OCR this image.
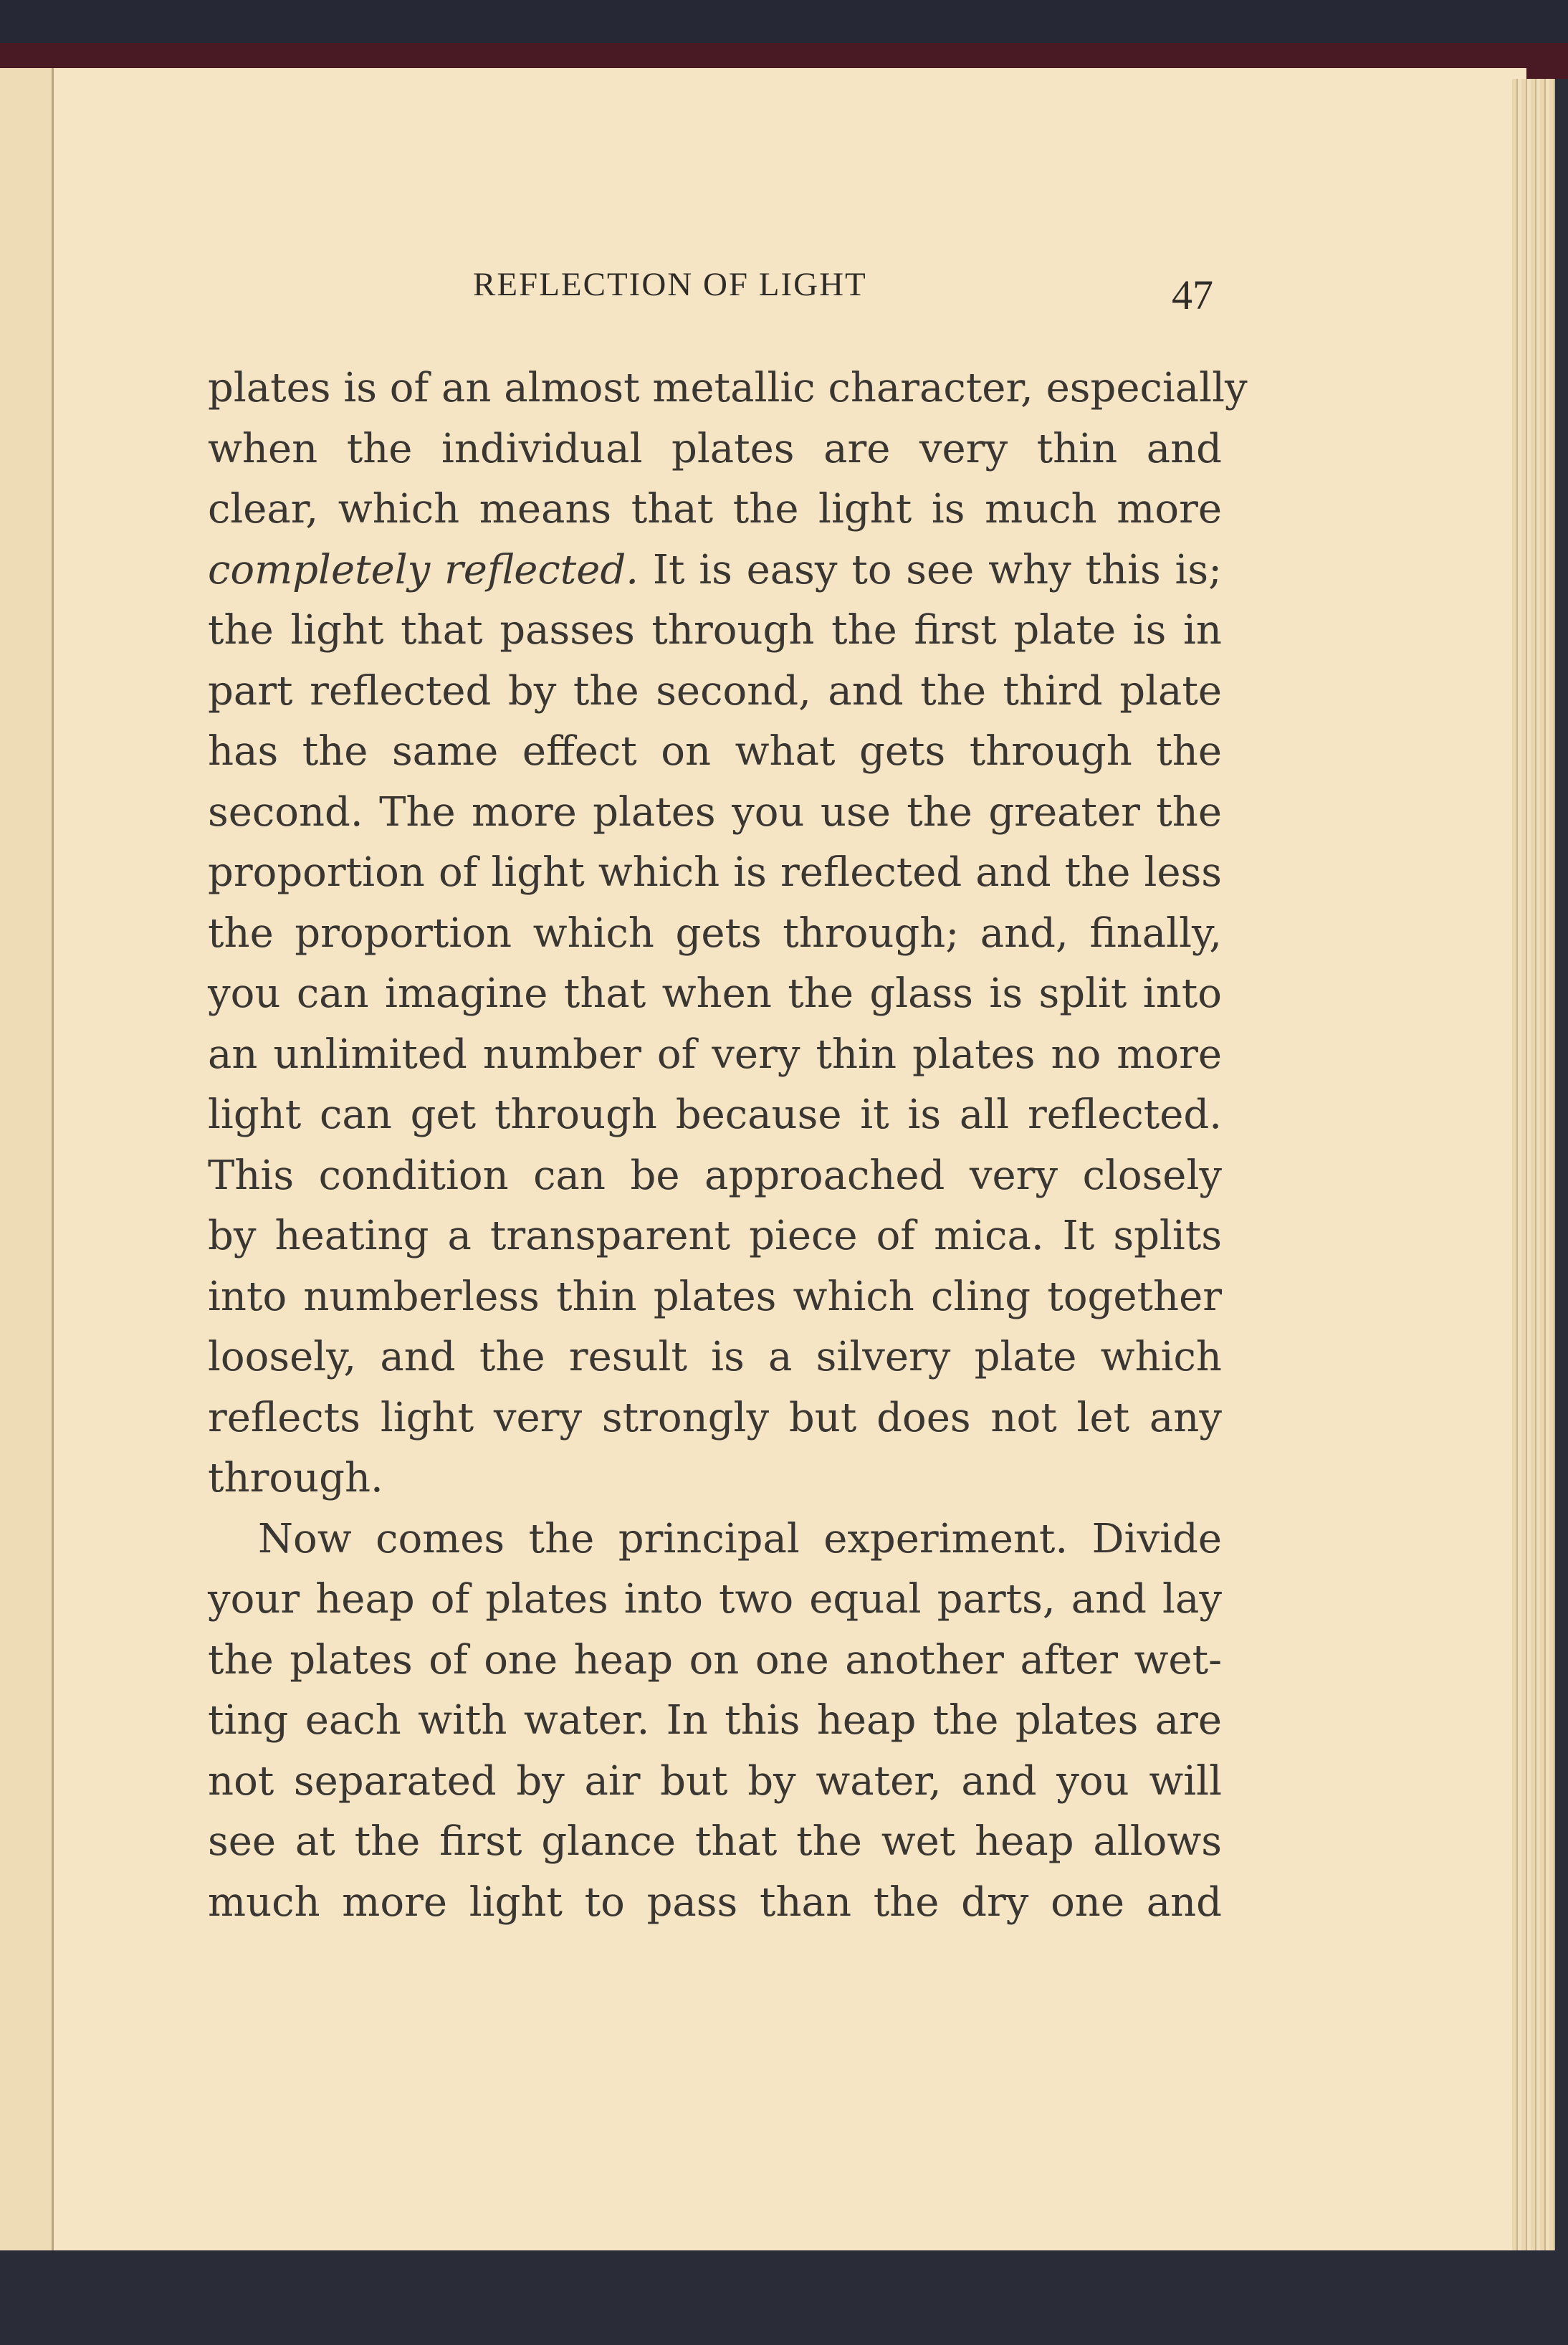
REFLECTION OF LIGHT	47
plates is of an almost metallic character, especially
when the individual plates are very thin and
clear, which means that the light is much more
completely reflected. It is easy to see why this is;
the light that passes through the first plate is in
part reflected by the second, and the third plate
has the same effect on what gets through the
second. The more plates you use the greater the
proportion of light which is reflected and the less
the proportion which gets through; and, finally,
you can imagine that when the glass is split into
an unlimited number of very thin plates no more
light can get through because it is all reflected.
This condition can be approached very closely
by heating a transparent piece of mica. It splits
into numberless thin plates which cling together
loosely, and the result is a silvery plate which
reflects light very strongly but does not let any
through.
Now comes the principal experiment. Divide
your heap of plates into two equal parts, and lay
the plates of one heap on one another after wet-
ting each with water. In this heap the plates are
not separated by air but by water, and you will
see at the first glance that the wet heap allows
much more light to pass than the dry one and
